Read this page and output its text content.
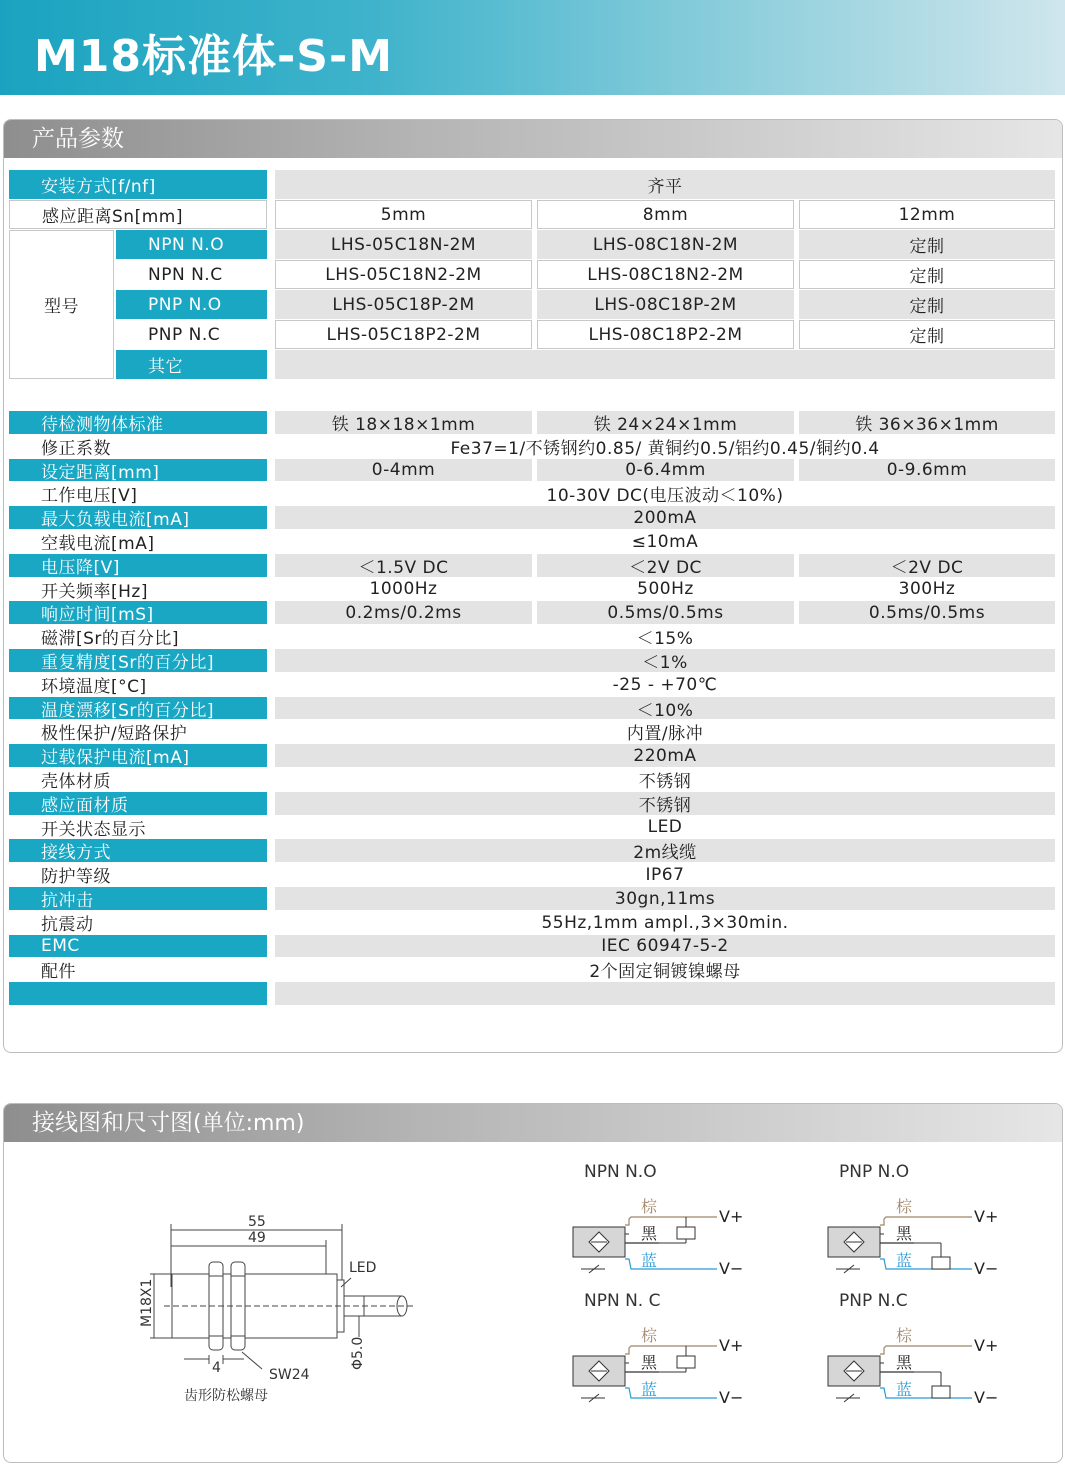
M18标准体-S-M
产品参数
安装方式[f/nf]	齐平
感应距离Sn[mm]	5mm	8mm	12mm
型号
NPN N.O	LHS-05C18N-2M	LHS-08C18N-2M	定制
NPN N.C	LHS-05C18N2-2M	LHS-08C18N2-2M	定制
PNP N.O	LHS-05C18P-2M	LHS-08C18P-2M	定制
PNP N.C	LHS-05C18P2-2M	LHS-08C18P2-2M	定制
其它
待检测物体标准	铁 18×18×1mm	铁 24×24×1mm	铁 36×36×1mm
修正系数	Fe37=1/不锈钢约0.85/ 黄铜约0.5/铝约0.45/铜约0.4
设定距离[mm]	0-4mm	0-6.4mm	0-9.6mm
工作电压[V]	10-30V DC(电压波动＜10%)
最大负载电流[mA]	200mA
空载电流[mA]	≤10mA
电压降[V]	＜1.5V DC	＜2V DC	＜2V DC
开关频率[Hz]	1000Hz	500Hz	300Hz
响应时间[mS]	0.2ms/0.2ms	0.5ms/0.5ms	0.5ms/0.5ms
磁滞[Sr的百分比]	＜15%
重复精度[Sr的百分比]	＜1%
环境温度[°C]	-25 - +70℃
温度漂移[Sr的百分比]	＜10%
极性保护/短路保护	内置/脉冲
过载保护电流[mA]	220mA
壳体材质	不锈钢
感应面材质	不锈钢
开关状态显示	LED
接线方式	2m线缆
防护等级	IP67
抗冲击	30gn,11ms
抗震动	55Hz,1mm ampl.,3×30min.
EMC	IEC 60947-5-2
配件	2个固定铜镀镍螺母
接线图和尺寸图(单位:mm)
55
49
LED
M18X1
Φ5.0
4	SW24
齿形防松螺母
NPN N.O
棕
黑
蓝
V+
V−
PNP N.O
棕
黑
蓝
V+
V−
NPN N. C
棕
黑
蓝
V+
V−
PNP N.C
棕
黑
蓝
V+
V−
